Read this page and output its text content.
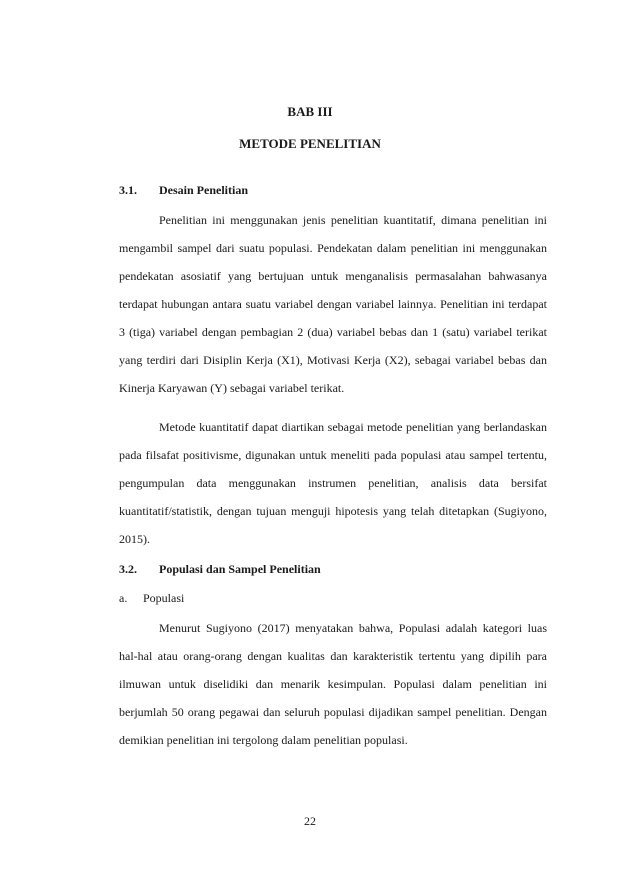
BAB III
METODE PENELITIAN
3.1. Desain Penelitian

Penelitian ini menggunakan jenis penelitian kuantitatif, dimana penelitian ini mengambil sampel dari suatu populasi. Pendekatan dalam penelitian ini menggunakan pendekatan asosiatif yang bertujuan untuk menganalisis permasalahan bahwasanya terdapat hubungan antara suatu variabel dengan variabel lainnya. Penelitian ini terdapat 3 (tiga) variabel dengan pembagian 2 (dua) variabel bebas dan 1 (satu) variabel terikat yang terdiri dari Disiplin Kerja (X1), Motivasi Kerja (X2), sebagai variabel bebas dan Kinerja Karyawan (Y) sebagai variabel terikat.

Metode kuantitatif dapat diartikan sebagai metode penelitian yang berlandaskan pada filsafat positivisme, digunakan untuk meneliti pada populasi atau sampel tertentu, pengumpulan data menggunakan instrumen penelitian, analisis data bersifat kuantitatif/statistik, dengan tujuan menguji hipotesis yang telah ditetapkan (Sugiyono, 2015).

3.2. Populasi dan Sampel Penelitian
a. Populasi

Menurut Sugiyono (2017) menyatakan bahwa, Populasi adalah kategori luas hal-hal atau orang-orang dengan kualitas dan karakteristik tertentu yang dipilih para ilmuwan untuk diselidiki dan menarik kesimpulan. Populasi dalam penelitian ini berjumlah 50 orang pegawai dan seluruh populasi dijadikan sampel penelitian. Dengan demikian penelitian ini tergolong dalam penelitian populasi.

22
